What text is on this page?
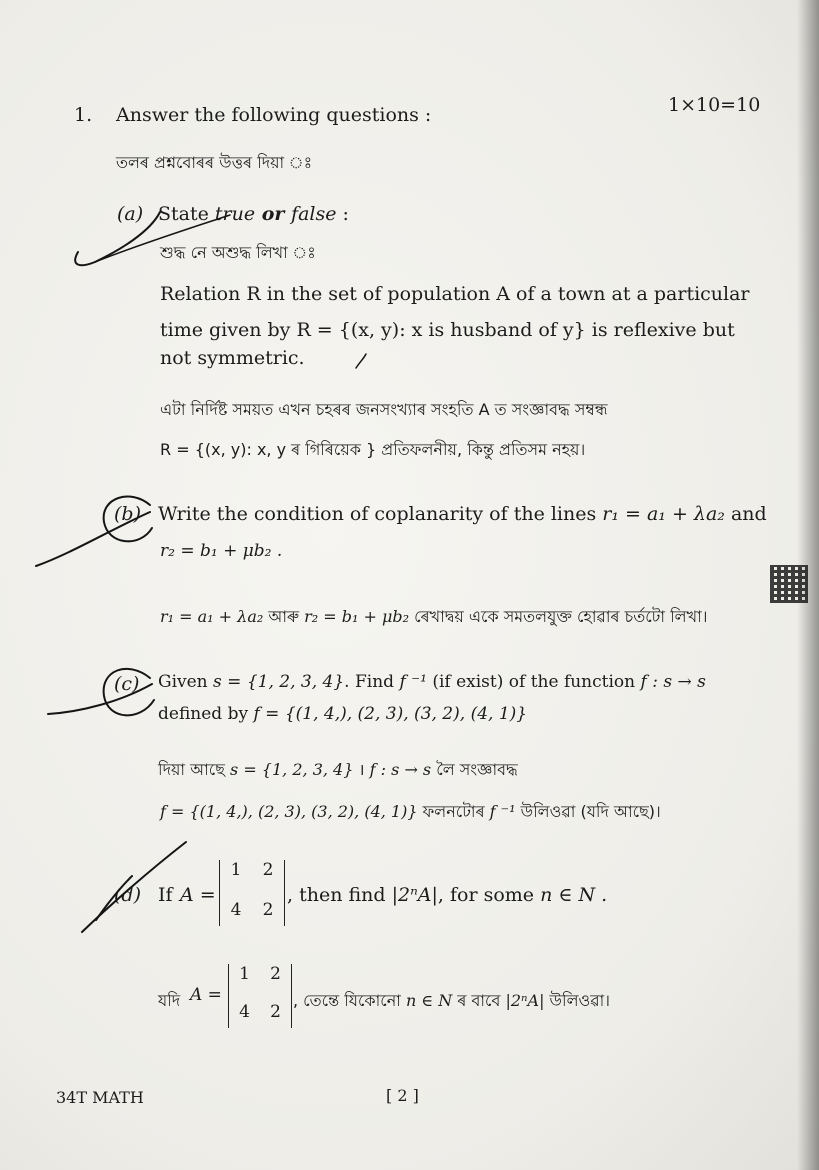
1. Answer the following questions :	1×10=10
তলৰ প্ৰশ্নবোৰৰ উত্তৰ দিয়া ঃ
(a) State true or false :
শুদ্ধ নে অশুদ্ধ লিখা ঃ
Relation R in the set of population A of a town at a particular
time given by R = {(x, y): x is husband of y} is reflexive but
not symmetric.
এটা নিৰ্দিষ্ট সময়ত এখন চহৰৰ জনসংখ্যাৰ সংহতি A ত সংজ্ঞাবদ্ধ সম্বন্ধ
R = {(x, y): x, y ৰ গিৰিয়েক } প্ৰতিফলনীয়, কিন্তু প্ৰতিসম নহয়।
(b) Write the condition of coplanarity of the lines r₁ = a₁ + λa₂ and
r₂ = b₁ + μb₂ .
r₁ = a₁ + λa₂ আৰু r₂ = b₁ + μb₂ ৰেখাদ্বয় একে সমতলযুক্ত হোৱাৰ চৰ্তটো লিখা।
(c) Given s = {1, 2, 3, 4}. Find f ⁻¹ (if exist) of the function f : s → s
defined by f = {(1, 4,), (2, 3), (3, 2), (4, 1)}
দিয়া আছে s = {1, 2, 3, 4} । f : s → s লৈ সংজ্ঞাবদ্ধ
f = {(1, 4,), (2, 3), (3, 2), (4, 1)} ফলনটোৰ f ⁻¹ উলিওৱা (যদি আছে)।
(d) If A =
1	2
4	2
, then find |2ⁿA|, for some n ∈ N .
যদি A =
1	2
4	2
, তেন্তে যিকোনো n ∈ N ৰ বাবে |2ⁿA| উলিওৱা।
34T MATH	[ 2 ]
